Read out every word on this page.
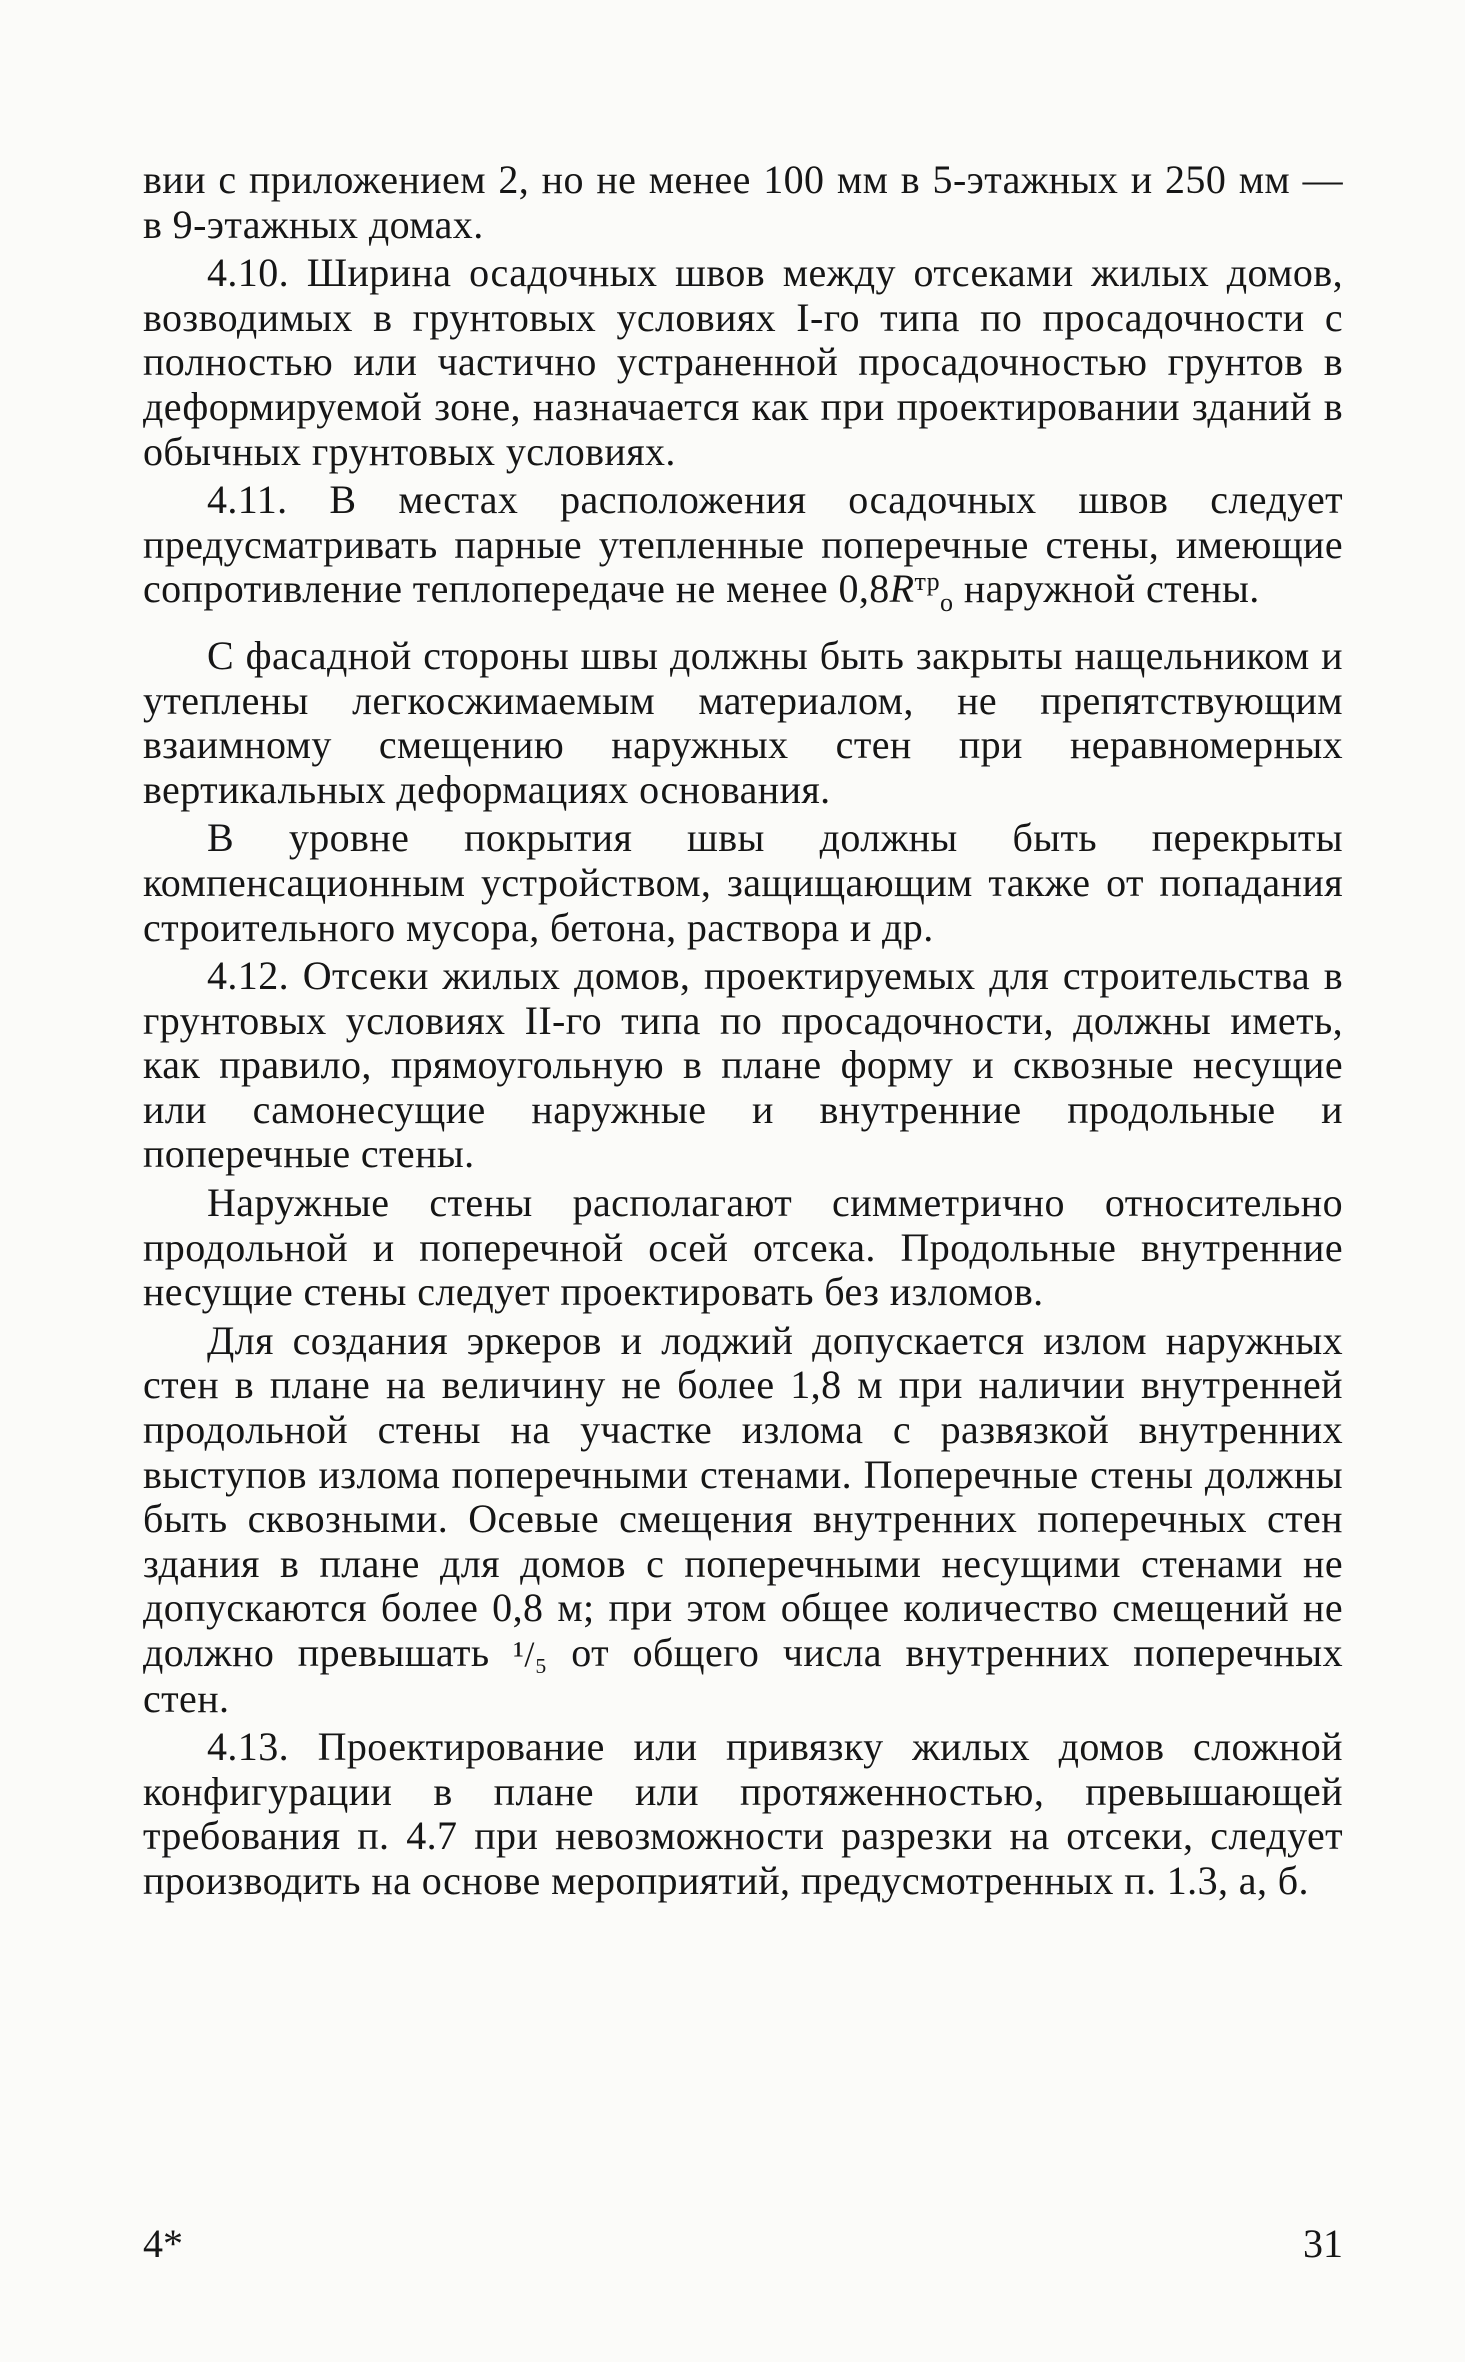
вии с приложением 2, но не менее 100 мм в 5-этажных и 250 мм — в 9-этажных домах.

4.10. Ширина осадочных швов между отсеками жилых домов, возводимых в грунтовых условиях I-го типа по просадочности с полностью или частично устраненной просадочностью грунтов в деформируемой зоне, назначается как при проектировании зданий в обычных грунтовых условиях.

4.11. В местах расположения осадочных швов следует предусматривать парные утепленные поперечные стены, имеющие сопротивление теплопередаче не менее $0,8R^{тр}_о$ наружной стены.

С фасадной стороны швы должны быть закрыты нащельником и утеплены легкосжимаемым материалом, не препятствующим взаимному смещению наружных стен при неравномерных вертикальных деформациях основания.

В уровне покрытия швы должны быть перекрыты компенсационным устройством, защищающим также от попадания строительного мусора, бетона, раствора и др.

4.12. Отсеки жилых домов, проектируемых для строительства в грунтовых условиях II-го типа по просадочности, должны иметь, как правило, прямоугольную в плане форму и сквозные несущие или самонесущие наружные и внутренние продольные и поперечные стены.

Наружные стены располагают симметрично относительно продольной и поперечной осей отсека. Продольные внутренние несущие стены следует проектировать без изломов.

Для создания эркеров и лоджий допускается излом наружных стен в плане на величину не более 1,8 м при наличии внутренней продольной стены на участке излома с развязкой внутренних выступов излома поперечными стенами. Поперечные стены должны быть сквозными. Осевые смещения внутренних поперечных стен здания в плане для домов с поперечными несущими стенами не допускаются более 0,8 м; при этом общее количество смещений не должно превышать ¹/₅ от общего числа внутренних поперечных стен.

4.13. Проектирование или привязку жилых домов сложной конфигурации в плане или протяженностью, превышающей требования п. 4.7 при невозможности разрезки на отсеки, следует производить на основе мероприятий, предусмотренных п. 1.3, а, б.

4*	31
